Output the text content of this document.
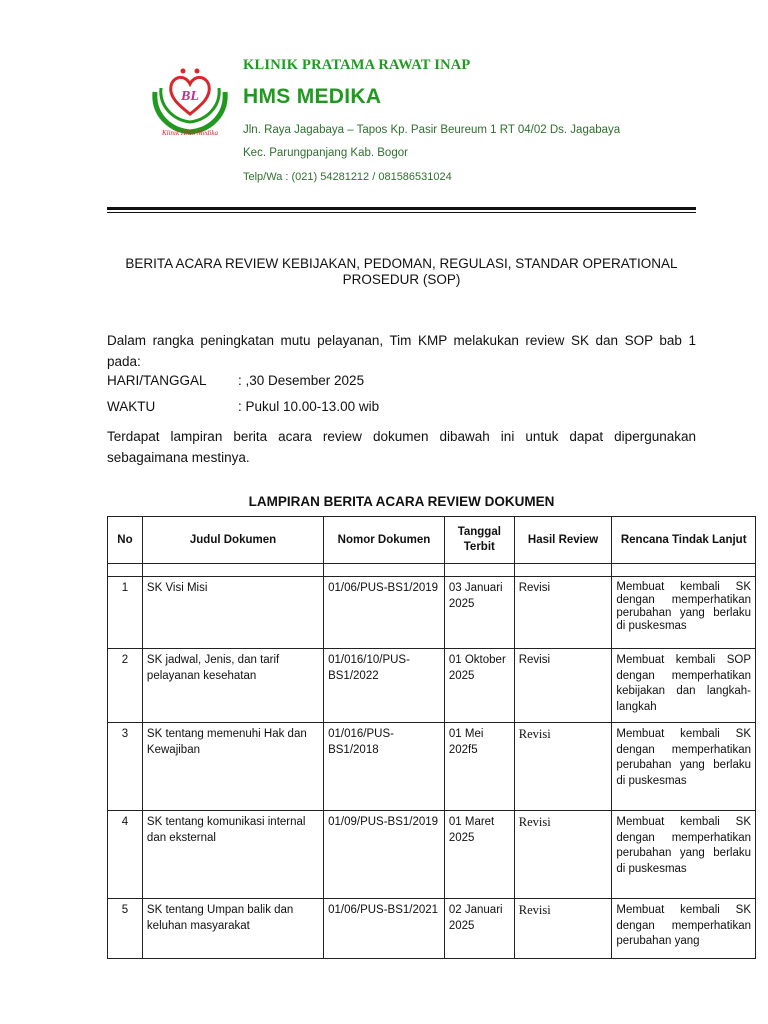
BL
Klinik HMS Medika
KLINIK PRATAMA RAWAT INAP
HMS MEDIKA
Jln. Raya Jagabaya – Tapos Kp. Pasir Beureum 1 RT 04/02 Ds. Jagabaya
Kec. Parungpanjang Kab. Bogor
Telp/Wa : (021) 54281212 / 081586531024
BERITA ACARA REVIEW KEBIJAKAN, PEDOMAN, REGULASI, STANDAR OPERATIONAL PROSEDUR (SOP)
Dalam rangka peningkatan mutu pelayanan, Tim KMP melakukan review SK dan SOP bab 1 pada:
HARI/TANGGAL : ,30 Desember 2025
WAKTU	: Pukul 10.00-13.00 wib
Terdapat lampiran berita acara review dokumen dibawah ini untuk dapat dipergunakan sebagaimana mestinya.
LAMPIRAN BERITA ACARA REVIEW DOKUMEN
No	Judul Dokumen	Nomor Dokumen	Tanggal Terbit	Hasil Review	Rencana Tindak Lanjut

1	SK Visi Misi	01/06/PUS-BS1/2019	03 Januari 2025	Revisi	Membuat kembali SK dengan memperhatikan perubahan yang berlaku di puskesmas
2	SK jadwal, Jenis, dan tarif pelayanan kesehatan	01/016/10/PUS-BS1/2022	01 Oktober 2025	Revisi	Membuat kembali SOP dengan memperhatikan kebijakan dan langkah-langkah
3	SK tentang memenuhi Hak dan Kewajiban	01/016/PUS-BS1/2018	01 Mei 202f5	Revisi	Membuat kembali SK dengan memperhatikan perubahan yang berlaku di puskesmas
4	SK tentang komunikasi internal dan eksternal	01/09/PUS-BS1/2019	01 Maret 2025	Revisi	Membuat kembali SK dengan memperhatikan perubahan yang berlaku di puskesmas
5	SK tentang Umpan balik dan keluhan masyarakat	01/06/PUS-BS1/2021	02 Januari 2025	Revisi	Membuat kembali SK dengan memperhatikan perubahan yang
